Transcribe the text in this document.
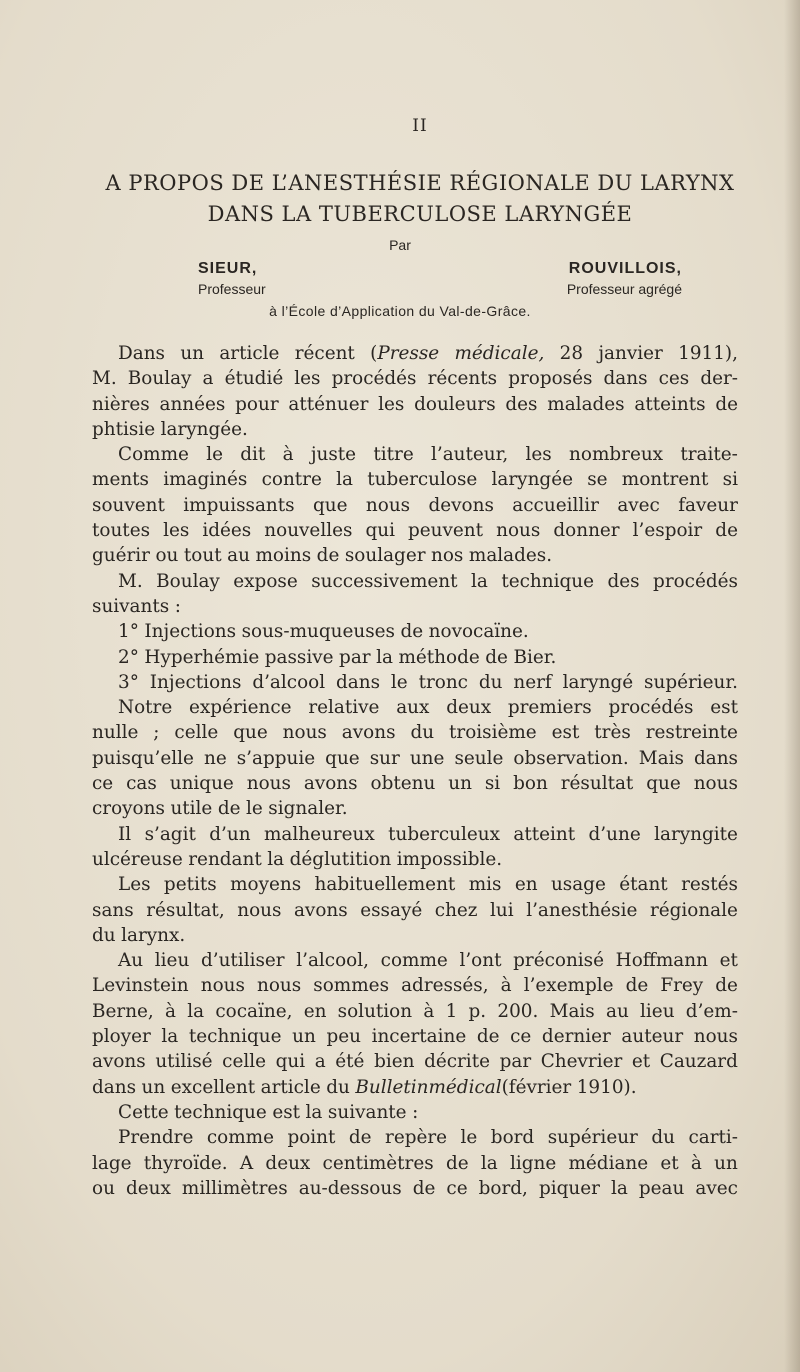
II
A PROPOS DE L’ANESTHÉSIE RÉGIONALE DU LARYNX
DANS LA TUBERCULOSE LARYNGÉE
Par
SIEUR,
Professeur
ROUVILLOIS,
Professeur agrégé
à l’École d’Application du Val-de-Grâce.
Dans un article récent (Presse médicale, 28 janvier 1911),
M. Boulay a étudié les procédés récents proposés dans ces der-
nières années pour atténuer les douleurs des malades atteints de
phtisie laryngée.
Comme le dit à juste titre l’auteur, les nombreux traite-
ments imaginés contre la tuberculose laryngée se montrent si
souvent impuissants que nous devons accueillir avec faveur
toutes les idées nouvelles qui peuvent nous donner l’espoir de
guérir ou tout au moins de soulager nos malades.
M. Boulay expose successivement la technique des procédés
suivants :
1° Injections sous-muqueuses de novocaïne.
2° Hyperhémie passive par la méthode de Bier.
3° Injections d’alcool dans le tronc du nerf laryngé supérieur.
Notre expérience relative aux deux premiers procédés est
nulle ; celle que nous avons du troisième est très restreinte
puisqu’elle ne s’appuie que sur une seule observation. Mais dans
ce cas unique nous avons obtenu un si bon résultat que nous
croyons utile de le signaler.
Il s’agit d’un malheureux tuberculeux atteint d’une laryngite
ulcéreuse rendant la déglutition impossible.
Les petits moyens habituellement mis en usage étant restés
sans résultat, nous avons essayé chez lui l’anesthésie régionale
du larynx.
Au lieu d’utiliser l’alcool, comme l’ont préconisé Hoffmann et
Levinstein nous nous sommes adressés, à l’exemple de Frey de
Berne, à la cocaïne, en solution à 1 p. 200. Mais au lieu d’em-
ployer la technique un peu incertaine de ce dernier auteur nous
avons utilisé celle qui a été bien décrite par Chevrier et Cauzard
dans un excellent article du Bulletin médical (février 1910).
Cette technique est la suivante :
Prendre comme point de repère le bord supérieur du carti-
lage thyroïde. A deux centimètres de la ligne médiane et à un
ou deux millimètres au-dessous de ce bord, piquer la peau avec
